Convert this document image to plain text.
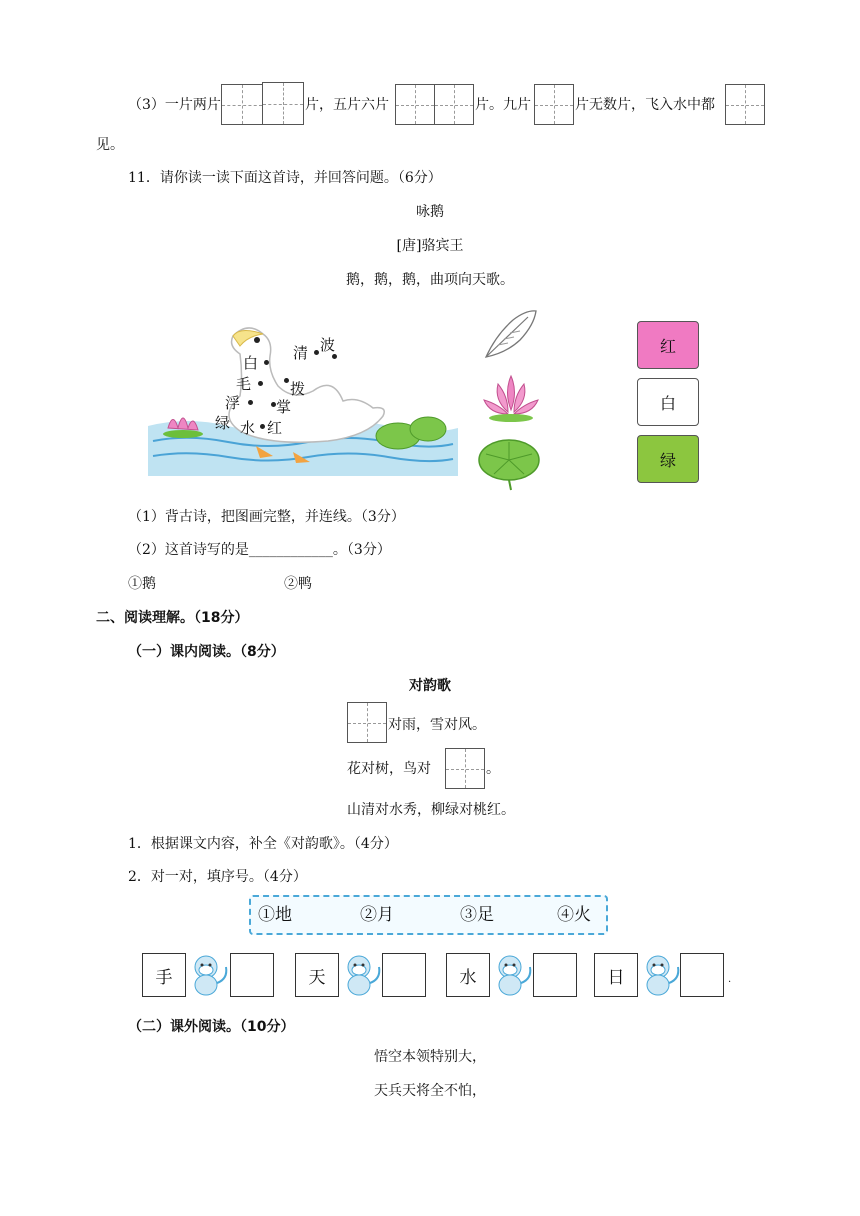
（3）一片两片	片，五片六片	片。九片	片无数片，飞入水中都
见。
11．请你读一读下面这首诗，并回答问题。（6分）
咏鹅
[唐]骆宾王
鹅，鹅，鹅，曲项向天歌。
白
毛
浮
绿 水 红
掌
拨
清 波	红
白
绿
（1）背古诗，把图画完整，并连线。（3分）
（2）这首诗写的是____________。（3分）
①鹅	②鸭
二、阅读理解。（18分）
（一）课内阅读。（8分）
对韵歌
对雨，雪对风。
花对树，鸟对	。
山清对水秀，柳绿对桃红。
1．根据课文内容，补全《对韵歌》。（4分）
2．对一对，填序号。（4分）
①地	②月	③足	④火
手	天	水	日	.
（二）课外阅读。（10分）
悟空本领特别大，
天兵天将全不怕，
